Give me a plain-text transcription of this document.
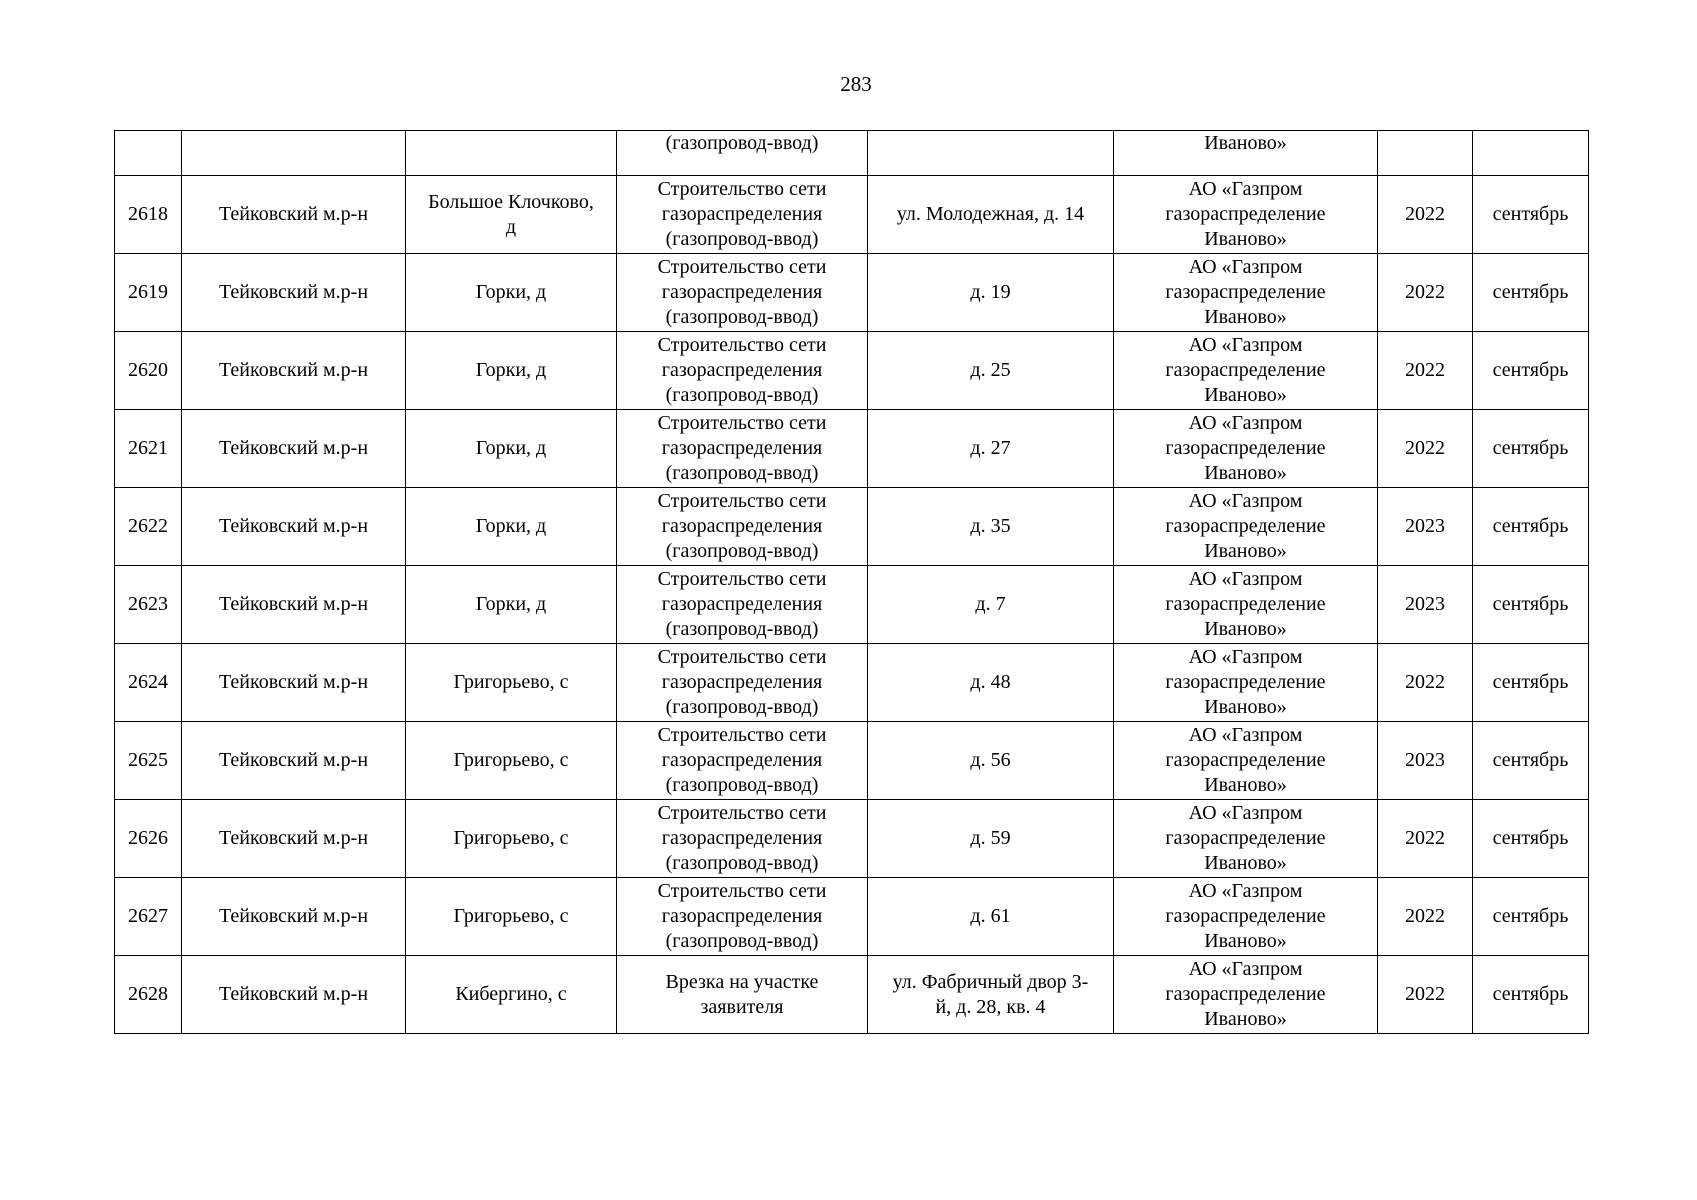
283
			(газопровод-ввод)		Иваново»		
2618	Тейковский м.р-н	Большое Клочково,
д	Строительство сети
газораспределения
(газопровод-ввод)	ул. Молодежная, д. 14	АО «Газпром
газораспределение
Иваново»	2022	сентябрь
2619	Тейковский м.р-н	Горки, д	Строительство сети
газораспределения
(газопровод-ввод)	д. 19	АО «Газпром
газораспределение
Иваново»	2022	сентябрь
2620	Тейковский м.р-н	Горки, д	Строительство сети
газораспределения
(газопровод-ввод)	д. 25	АО «Газпром
газораспределение
Иваново»	2022	сентябрь
2621	Тейковский м.р-н	Горки, д	Строительство сети
газораспределения
(газопровод-ввод)	д. 27	АО «Газпром
газораспределение
Иваново»	2022	сентябрь
2622	Тейковский м.р-н	Горки, д	Строительство сети
газораспределения
(газопровод-ввод)	д. 35	АО «Газпром
газораспределение
Иваново»	2023	сентябрь
2623	Тейковский м.р-н	Горки, д	Строительство сети
газораспределения
(газопровод-ввод)	д. 7	АО «Газпром
газораспределение
Иваново»	2023	сентябрь
2624	Тейковский м.р-н	Григорьево, с	Строительство сети
газораспределения
(газопровод-ввод)	д. 48	АО «Газпром
газораспределение
Иваново»	2022	сентябрь
2625	Тейковский м.р-н	Григорьево, с	Строительство сети
газораспределения
(газопровод-ввод)	д. 56	АО «Газпром
газораспределение
Иваново»	2023	сентябрь
2626	Тейковский м.р-н	Григорьево, с	Строительство сети
газораспределения
(газопровод-ввод)	д. 59	АО «Газпром
газораспределение
Иваново»	2022	сентябрь
2627	Тейковский м.р-н	Григорьево, с	Строительство сети
газораспределения
(газопровод-ввод)	д. 61	АО «Газпром
газораспределение
Иваново»	2022	сентябрь
2628	Тейковский м.р-н	Кибергино, с	Врезка на участке
заявителя	ул. Фабричный двор 3-
й, д. 28, кв. 4	АО «Газпром
газораспределение
Иваново»	2022	сентябрь
